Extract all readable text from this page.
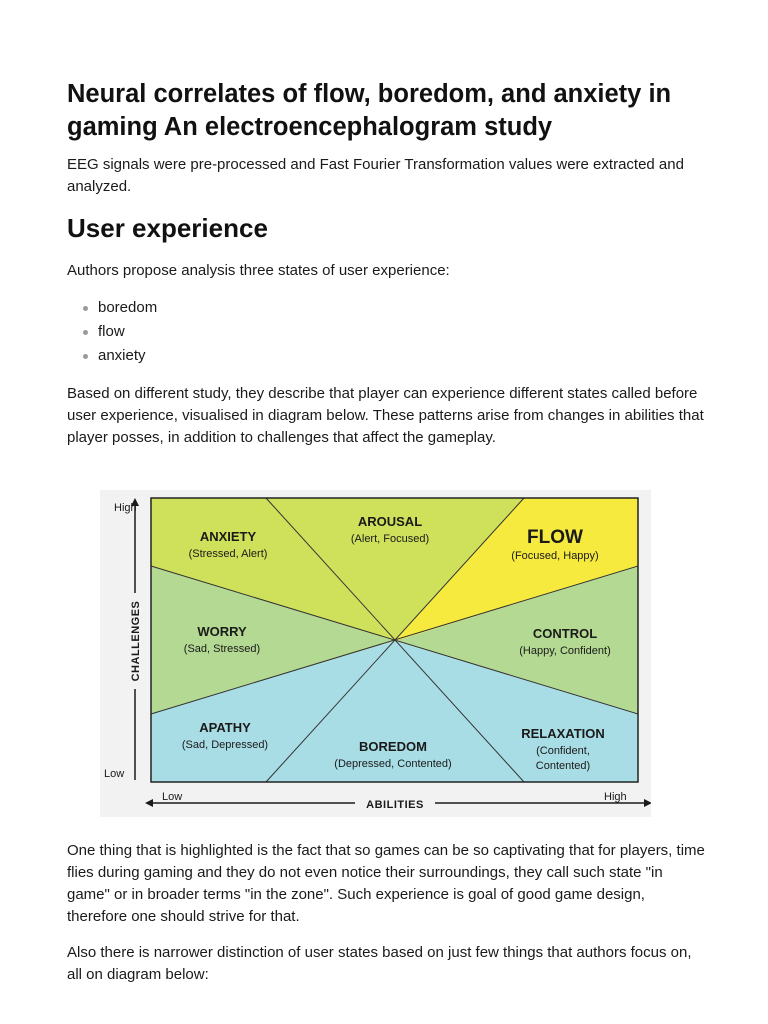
Neural correlates of flow, boredom, and anxiety in gaming An electroencephalogram study

EEG signals were pre-processed and Fast Fourier Transformation values were extracted and analyzed.

User experience

Authors propose analysis three states of user experience:

boredom
flow
anxiety

Based on different study, they describe that player can experience different states called before user experience, visualised in diagram below. These patterns arise from changes in abilities that player posses, in addition to challenges that affect the gameplay.

High
Low
CHALLENGES
Low	High
ABILITIES
ANXIETY
(Stressed, Alert)
AROUSAL
(Alert, Focused)	FLOW
(Focused, Happy)
WORRY
(Sad, Stressed)
CONTROL
(Happy, Confident)
APATHY
(Sad, Depressed)	BOREDOM
(Depressed, Contented)
RELAXATION
(Confident,
Contented)

One thing that is highlighted is the fact that so games can be so captivating that for players, time flies during gaming and they do not even notice their surroundings, they call such state "in game" or in broader terms "in the zone". Such experience is goal of good game design, therefore one should strive for that.

Also there is narrower distinction of user states based on just few things that authors focus on, all on diagram below:
